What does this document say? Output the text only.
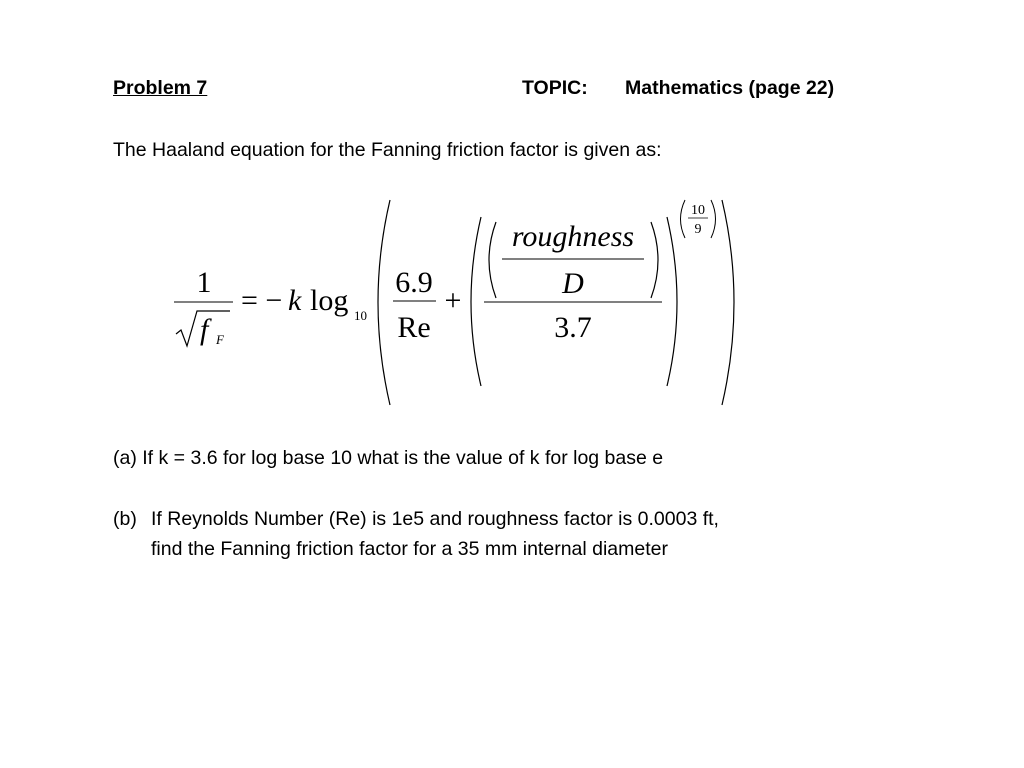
Problem 7	TOPIC: Mathematics (page 22)
The Haaland equation for the Fanning friction factor is given as:
1
f F
= − k log 10
6.9
Re
+
roughness
D
3.7
10
9
(a) If k = 3.6 for log base 10 what is the value of k for log base e
(b) If Reynolds Number (Re) is 1e5 and roughness factor is 0.0003 ft,
find the Fanning friction factor for a 35 mm internal diameter
